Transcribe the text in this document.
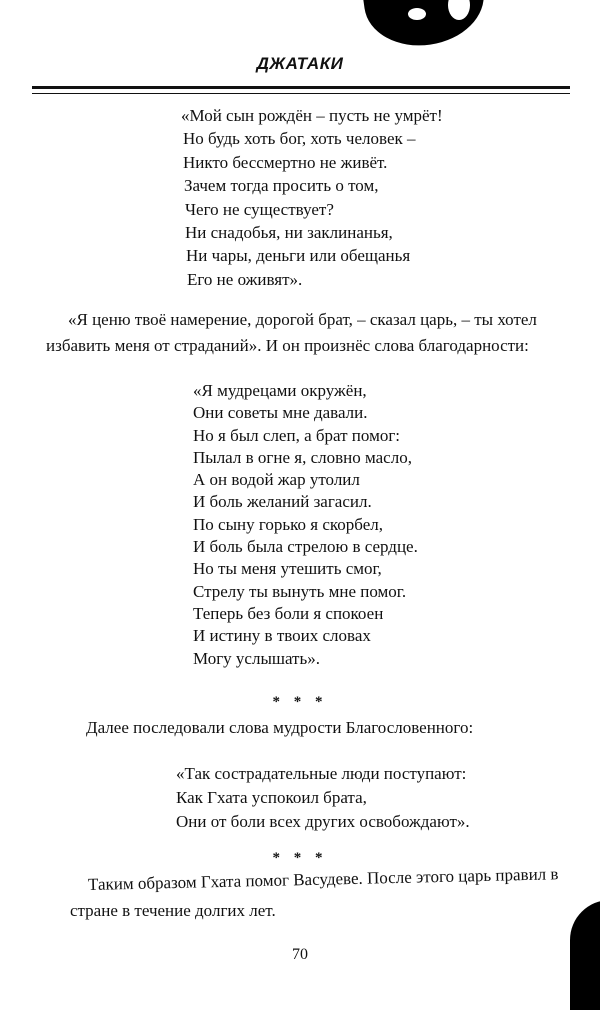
ДЖАТАКИ
«Мой сын рождён – пусть не умрёт!
Но будь хоть бог, хоть человек –
Никто бессмертно не живёт.
Зачем тогда просить о том,
Чего не существует?
Ни снадобья, ни заклинанья,
Ни чары, деньги или обещанья
Его не оживят».
«Я ценю твоё намерение, дорогой брат, – сказал царь, – ты хотел
избавить меня от страданий». И он произнёс слова благодарности:
«Я мудрецами окружён,
Они советы мне давали.
Но я был слеп, а брат помог:
Пылал в огне я, словно масло,
А он водой жар утолил
И боль желаний загасил.
По сыну горько я скорбел,
И боль была стрелою в сердце.
Но ты меня утешить смог,
Стрелу ты вынуть мне помог.
Теперь без боли я спокоен
И истину в твоих словах
Могу услышать».
* * *
Далее последовали слова мудрости Благословенного:
«Так сострадательные люди поступают:
Как Гхата успокоил брата,
Они от боли всех других освобождают».
* * *
Таким образом Гхата помог Васудеве. После этого царь правил в
стране в течение долгих лет.
70
